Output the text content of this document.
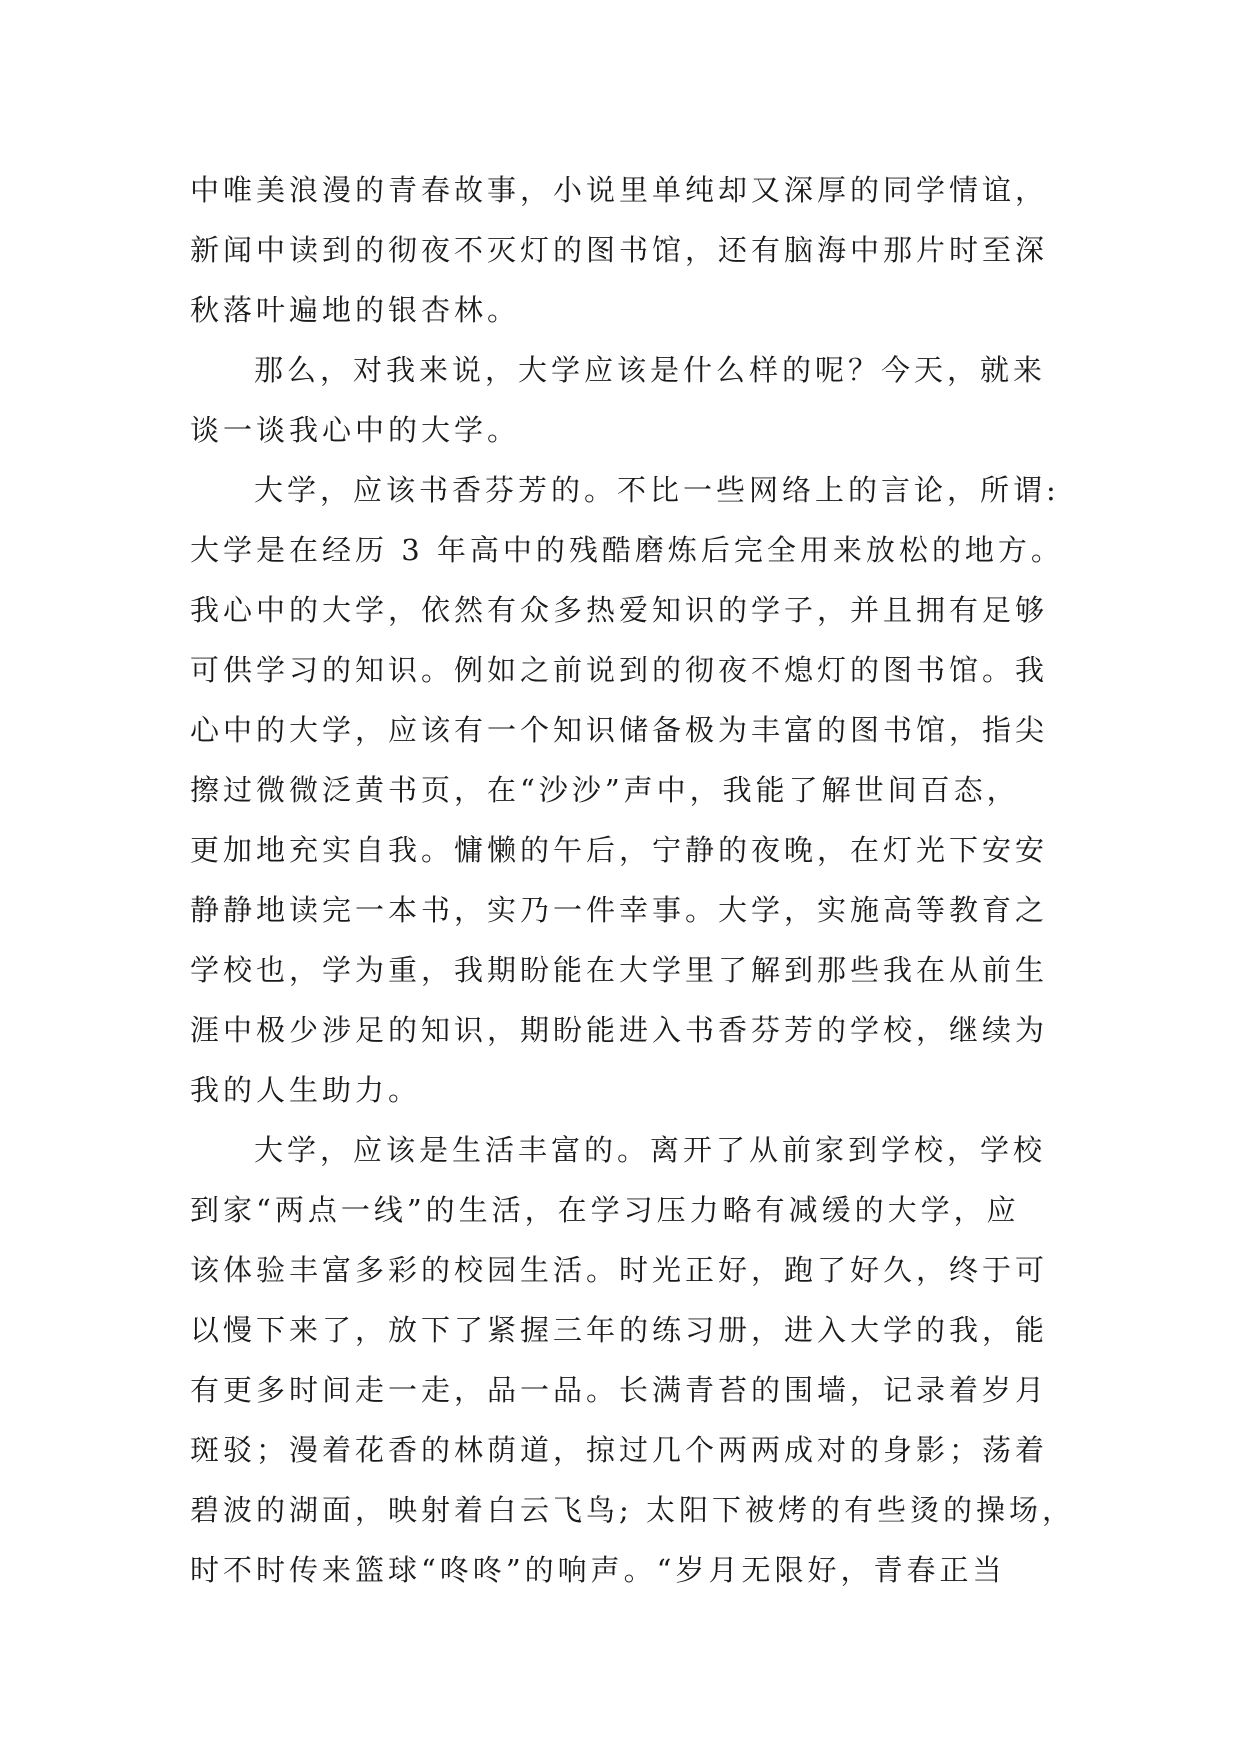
中唯美浪漫的青春故事，小说里单纯却又深厚的同学情谊，
新闻中读到的彻夜不灭灯的图书馆，还有脑海中那片时至深
秋落叶遍地的银杏林。
那么，对我来说，大学应该是什么样的呢？今天，就来
谈一谈我心中的大学。
大学，应该书香芬芳的。不比一些网络上的言论，所谓:
大学是在经历 3 年高中的残酷磨炼后完全用来放松的地方。
我心中的大学，依然有众多热爱知识的学子，并且拥有足够
可供学习的知识。例如之前说到的彻夜不熄灯的图书馆。我
心中的大学，应该有一个知识储备极为丰富的图书馆，指尖
擦过微微泛黄书页，在“沙沙”声中，我能了解世间百态，
更加地充实自我。慵懒的午后，宁静的夜晚，在灯光下安安
静静地读完一本书，实乃一件幸事。大学，实施高等教育之
学校也，学为重，我期盼能在大学里了解到那些我在从前生
涯中极少涉足的知识，期盼能进入书香芬芳的学校，继续为
我的人生助力。
大学，应该是生活丰富的。离开了从前家到学校，学校
到家“两点一线”的生活，在学习压力略有减缓的大学，应
该体验丰富多彩的校园生活。时光正好，跑了好久，终于可
以慢下来了，放下了紧握三年的练习册，进入大学的我，能
有更多时间走一走，品一品。长满青苔的围墙，记录着岁月
斑驳；漫着花香的林荫道，掠过几个两两成对的身影；荡着
碧波的湖面，映射着白云飞鸟; 太阳下被烤的有些烫的操场，
时不时传来篮球“咚咚”的响声。“岁月无限好，青春正当
